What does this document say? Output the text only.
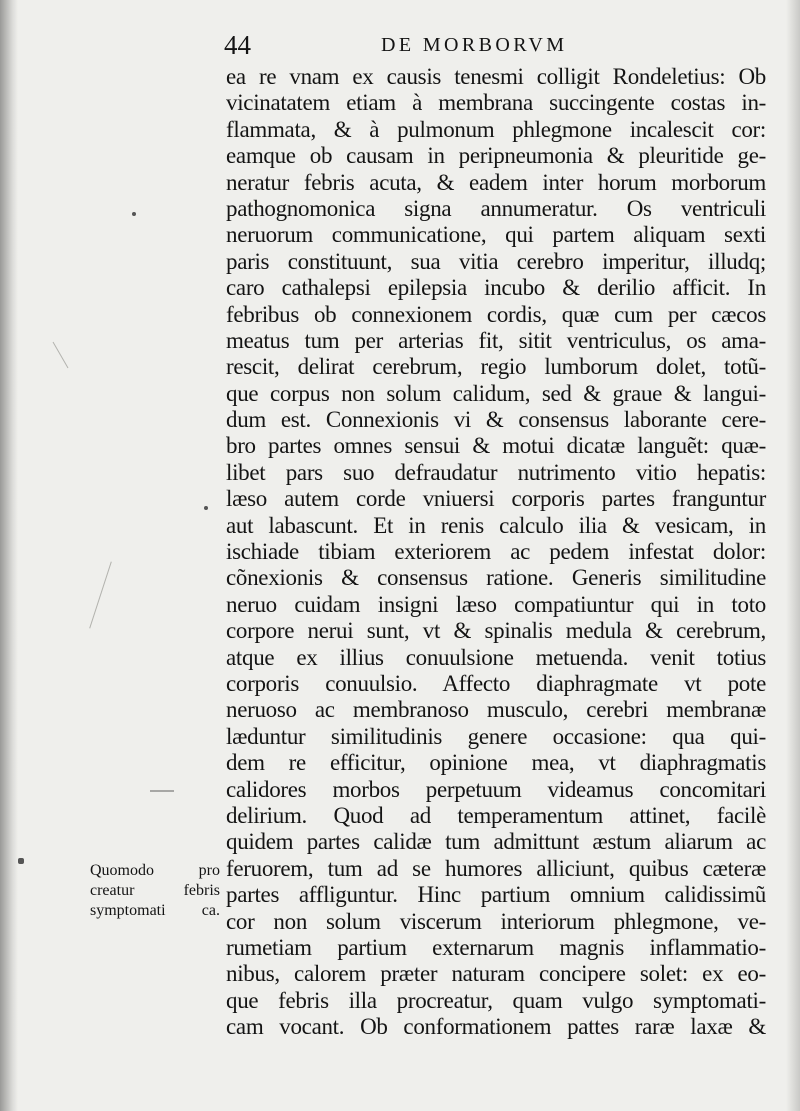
44	DE MORBORVM
ea re vnam ex causis tenesmi colligit Rondeletius: Ob
vicinatatem etiam à membrana succingente costas in-
flammata, & à pulmonum phlegmone incalescit cor:
eamque ob causam in peripneumonia & pleuritide ge-
neratur febris acuta, & eadem inter horum morborum
pathognomonica signa annumeratur. Os ventriculi
neruorum communicatione, qui partem aliquam sexti
paris constituunt, sua vitia cerebro imperitur, illudq;
caro cathalepsi epilepsia incubo & derilio afficit. In
febribus ob connexionem cordis, quæ cum per cæcos
meatus tum per arterias fit, sitit ventriculus, os ama-
rescit, delirat cerebrum, regio lumborum dolet, totũ-
que corpus non solum calidum, sed & graue & langui-
dum est. Connexionis vi & consensus laborante cere-
bro partes omnes sensui & motui dicatæ languẽt: quæ-
libet pars suo defraudatur nutrimento vitio hepatis:
læso autem corde vniuersi corporis partes franguntur
aut labascunt. Et in renis calculo ilia & vesicam, in
ischiade tibiam exteriorem ac pedem infestat dolor:
cõnexionis & consensus ratione. Generis similitudine
neruo cuidam insigni læso compatiuntur qui in toto
corpore nerui sunt, vt & spinalis medula & cerebrum,
atque ex illius conuulsione metuenda. venit totius
corporis conuulsio. Affecto diaphragmate vt pote
neruoso ac membranoso musculo, cerebri membranæ
læduntur similitudinis genere occasione: qua qui-
dem re efficitur, opinione mea, vt diaphragmatis
calidores morbos perpetuum videamus concomitari
delirium. Quod ad temperamentum attinet, facilè
quidem partes calidæ tum admittunt æstum aliarum ac
feruorem, tum ad se humores alliciunt, quibus cæteræ
partes affliguntur. Hinc partium omnium calidissimũ
cor non solum viscerum interiorum phlegmone, ve-
rumetiam partium externarum magnis inflammatio-
nibus, calorem præter naturam concipere solet: ex eo-
que febris illa procreatur, quam vulgo symptomati-
cam vocant. Ob conformationem pattes raræ laxæ &
Quomodo pro
creatur febris
symptomati ca.
